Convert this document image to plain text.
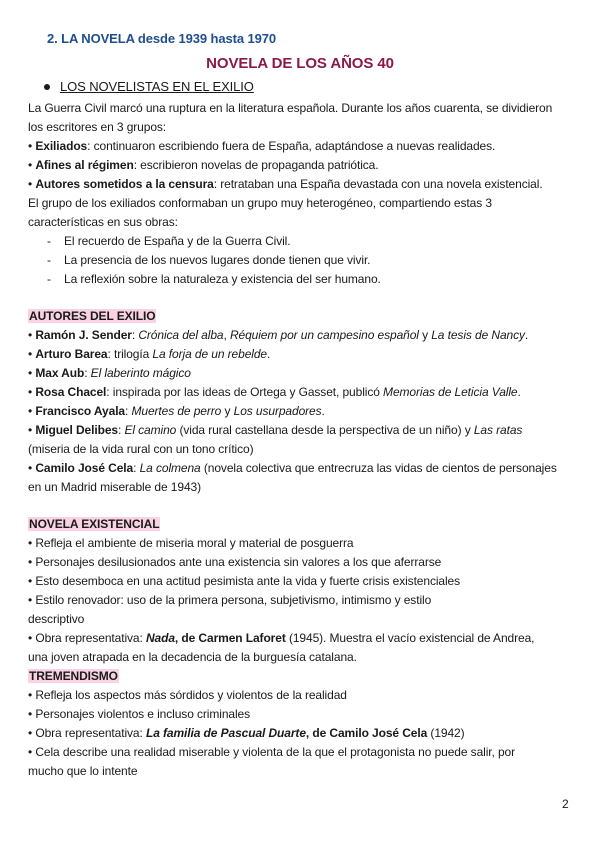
2. LA NOVELA desde 1939 hasta 1970
NOVELA DE LOS AÑOS 40
LOS NOVELISTAS EN EL EXILIO
La Guerra Civil marcó una ruptura en la literatura española. Durante los años cuarenta, se dividieron
los escritores en 3 grupos:
• Exiliados: continuaron escribiendo fuera de España, adaptándose a nuevas realidades.
• Afines al régimen: escribieron novelas de propaganda patriótica.
• Autores sometidos a la censura: retrataban una España devastada con una novela existencial.
El grupo de los exiliados conformaban un grupo muy heterogéneo, compartiendo estas 3
características en sus obras:
- El recuerdo de España y de la Guerra Civil.
- La presencia de los nuevos lugares donde tienen que vivir.
- La reflexión sobre la naturaleza y existencia del ser humano.
AUTORES DEL EXILIO
• Ramón J. Sender: Crónica del alba, Réquiem por un campesino español y La tesis de Nancy.
• Arturo Barea: trilogía La forja de un rebelde.
• Max Aub: El laberinto mágico
• Rosa Chacel: inspirada por las ideas de Ortega y Gasset, publicó Memorias de Leticia Valle.
• Francisco Ayala: Muertes de perro y Los usurpadores.
• Miguel Delibes: El camino (vida rural castellana desde la perspectiva de un niño) y Las ratas
(miseria de la vida rural con un tono crítico)
• Camilo José Cela: La colmena (novela colectiva que entrecruza las vidas de cientos de personajes
en un Madrid miserable de 1943)
NOVELA EXISTENCIAL
• Refleja el ambiente de miseria moral y material de posguerra
• Personajes desilusionados ante una existencia sin valores a los que aferrarse
• Esto desemboca en una actitud pesimista ante la vida y fuerte crisis existenciales
• Estilo renovador: uso de la primera persona, subjetivismo, intimismo y estilo
descriptivo
• Obra representativa: Nada, de Carmen Laforet (1945). Muestra el vacío existencial de Andrea,
una joven atrapada en la decadencia de la burguesía catalana.
TREMENDISMO
• Refleja los aspectos más sórdidos y violentos de la realidad
• Personajes violentos e incluso criminales
• Obra representativa: La familia de Pascual Duarte, de Camilo José Cela (1942)
• Cela describe una realidad miserable y violenta de la que el protagonista no puede salir, por
mucho que lo intente
2
